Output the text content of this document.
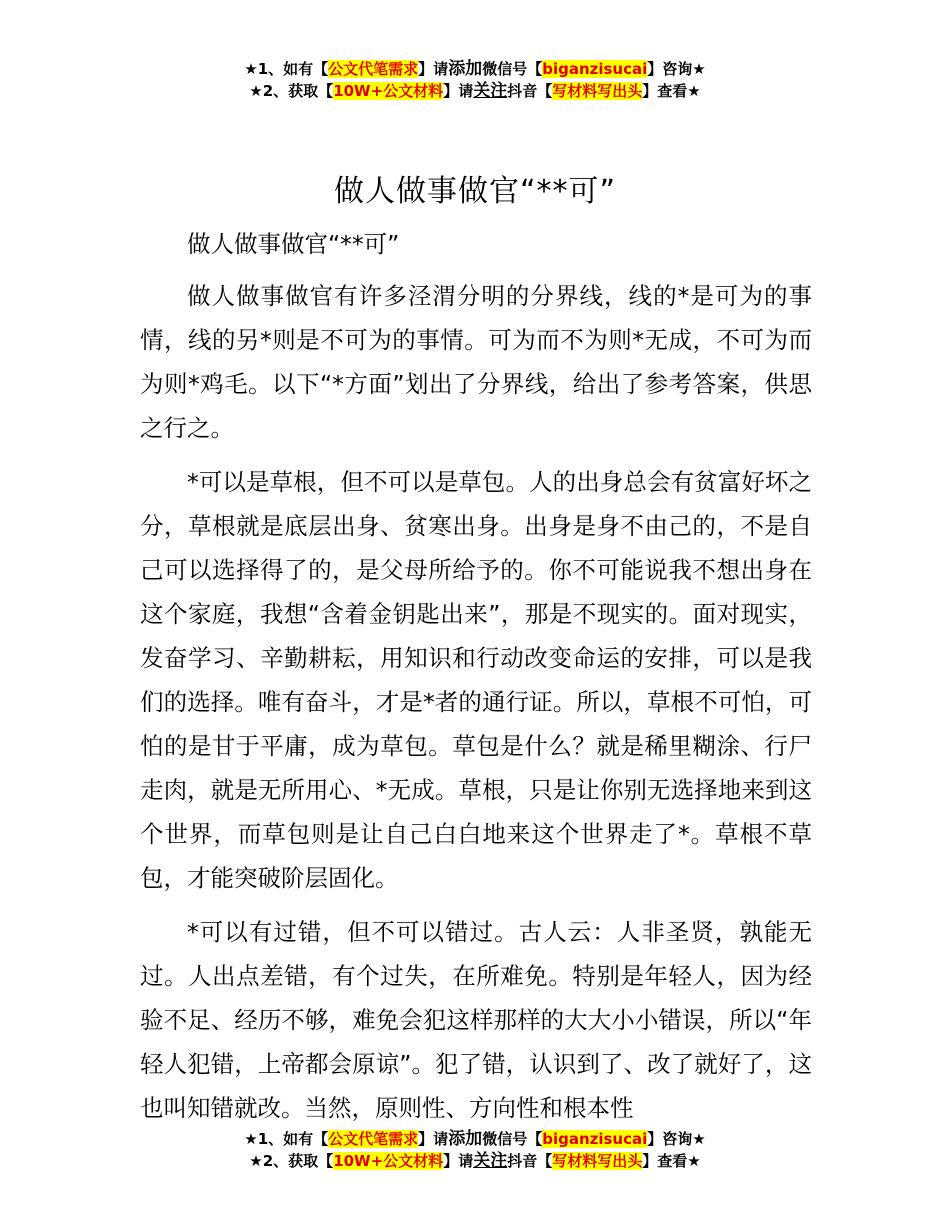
★1、如有【公文代笔需求】请添加微信号【biganzisucai】咨询★
★2、获取【10W+公文材料】请关注抖音【写材料写出头】查看★
做人做事做官“**可”

做人做事做官“**可”

做人做事做官有许多泾渭分明的分界线，线的*是可为的事情，线的另*则是不可为的事情。可为而不为则*无成，不可为而为则*鸡毛。以下“*方面”划出了分界线，给出了参考答案，供思之行之。

*可以是草根，但不可以是草包。人的出身总会有贫富好坏之分，草根就是底层出身、贫寒出身。出身是身不由己的，不是自己可以选择得了的，是父母所给予的。你不可能说我不想出身在这个家庭，我想“含着金钥匙出来”，那是不现实的。面对现实，发奋学习、辛勤耕耘，用知识和行动改变命运的安排，可以是我们的选择。唯有奋斗，才是*者的通行证。所以，草根不可怕，可怕的是甘于平庸，成为草包。草包是什么？就是稀里糊涂、行尸走肉，就是无所用心、*无成。草根，只是让你别无选择地来到这个世界，而草包则是让自己白白地来这个世界走了*。草根不草包，才能突破阶层固化。

*可以有过错，但不可以错过。古人云：人非圣贤，孰能无过。人出点差错，有个过失，在所难免。特别是年轻人，因为经验不足、经历不够，难免会犯这样那样的大大小小错误，所以“年轻人犯错，上帝都会原谅”。犯了错，认识到了、改了就好了，这也叫知错就改。当然，原则性、方向性和根本性

★1、如有【公文代笔需求】请添加微信号【biganzisucai】咨询★
★2、获取【10W+公文材料】请关注抖音【写材料写出头】查看★
